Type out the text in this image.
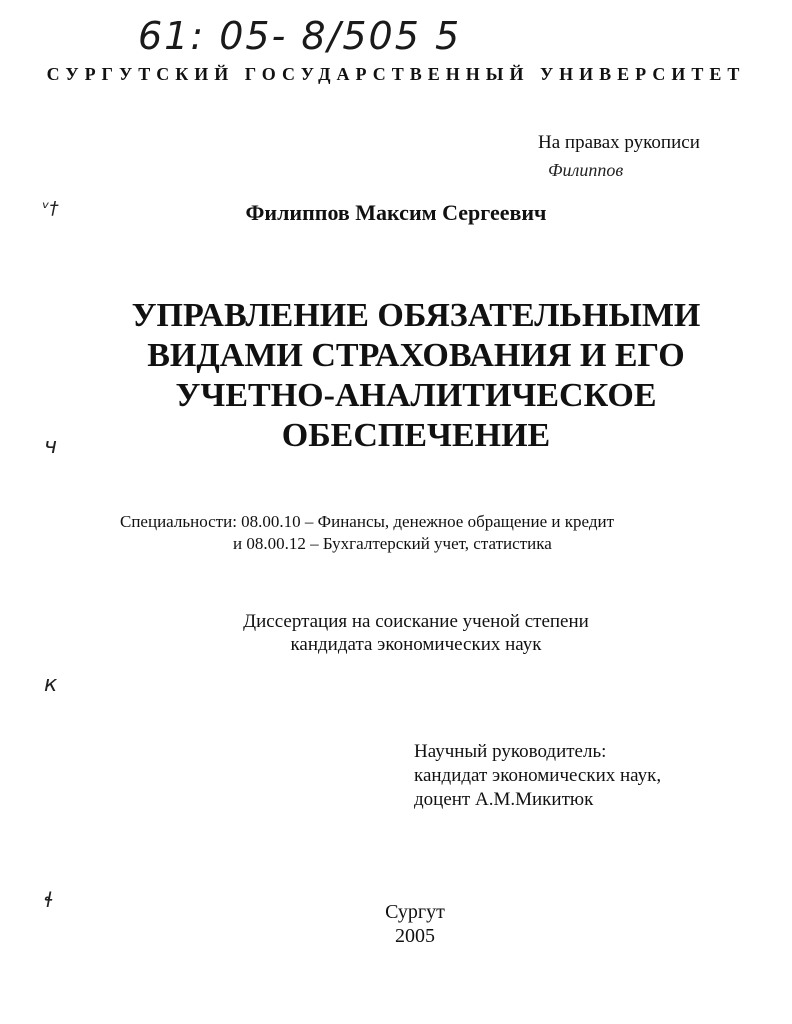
61: 05- 8/505 5
СУРГУТСКИЙ ГОСУДАРСТВЕННЫЙ УНИВЕРСИТЕТ
На правах рукописи
Филиппов
Филиппов Максим Сергеевич
УПРАВЛЕНИЕ ОБЯЗАТЕЛЬНЫМИ
ВИДАМИ СТРАХОВАНИЯ И ЕГО
УЧЕТНО-АНАЛИТИЧЕСКОЕ
ОБЕСПЕЧЕНИЕ
Специальности: 08.00.10 – Финансы, денежное обращение и кредит
и 08.00.12 – Бухгалтерский учет, статистика
Диссертация на соискание ученой степени
кандидата экономических наук
Научный руководитель:
кандидат экономических наук,
доцент А.М.Микитюк
Сургут
2005
ᵛ†
ч
к
ɬ
